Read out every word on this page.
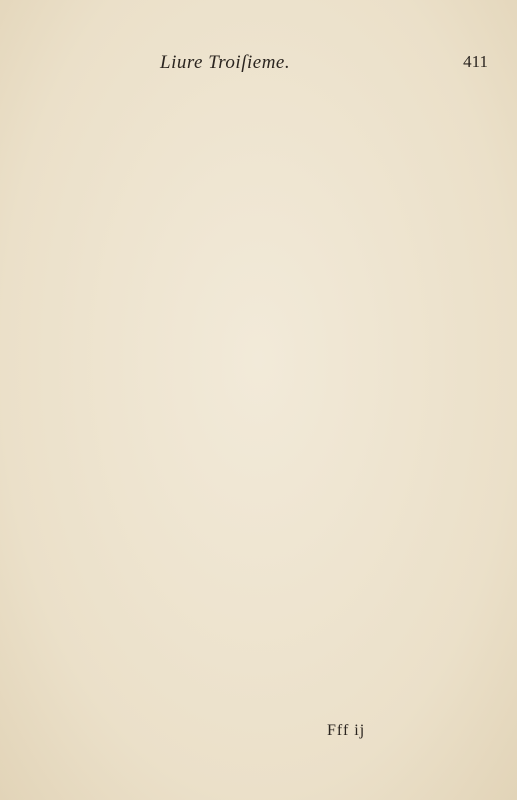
Liure Troiſieme.	411
Fff ij
